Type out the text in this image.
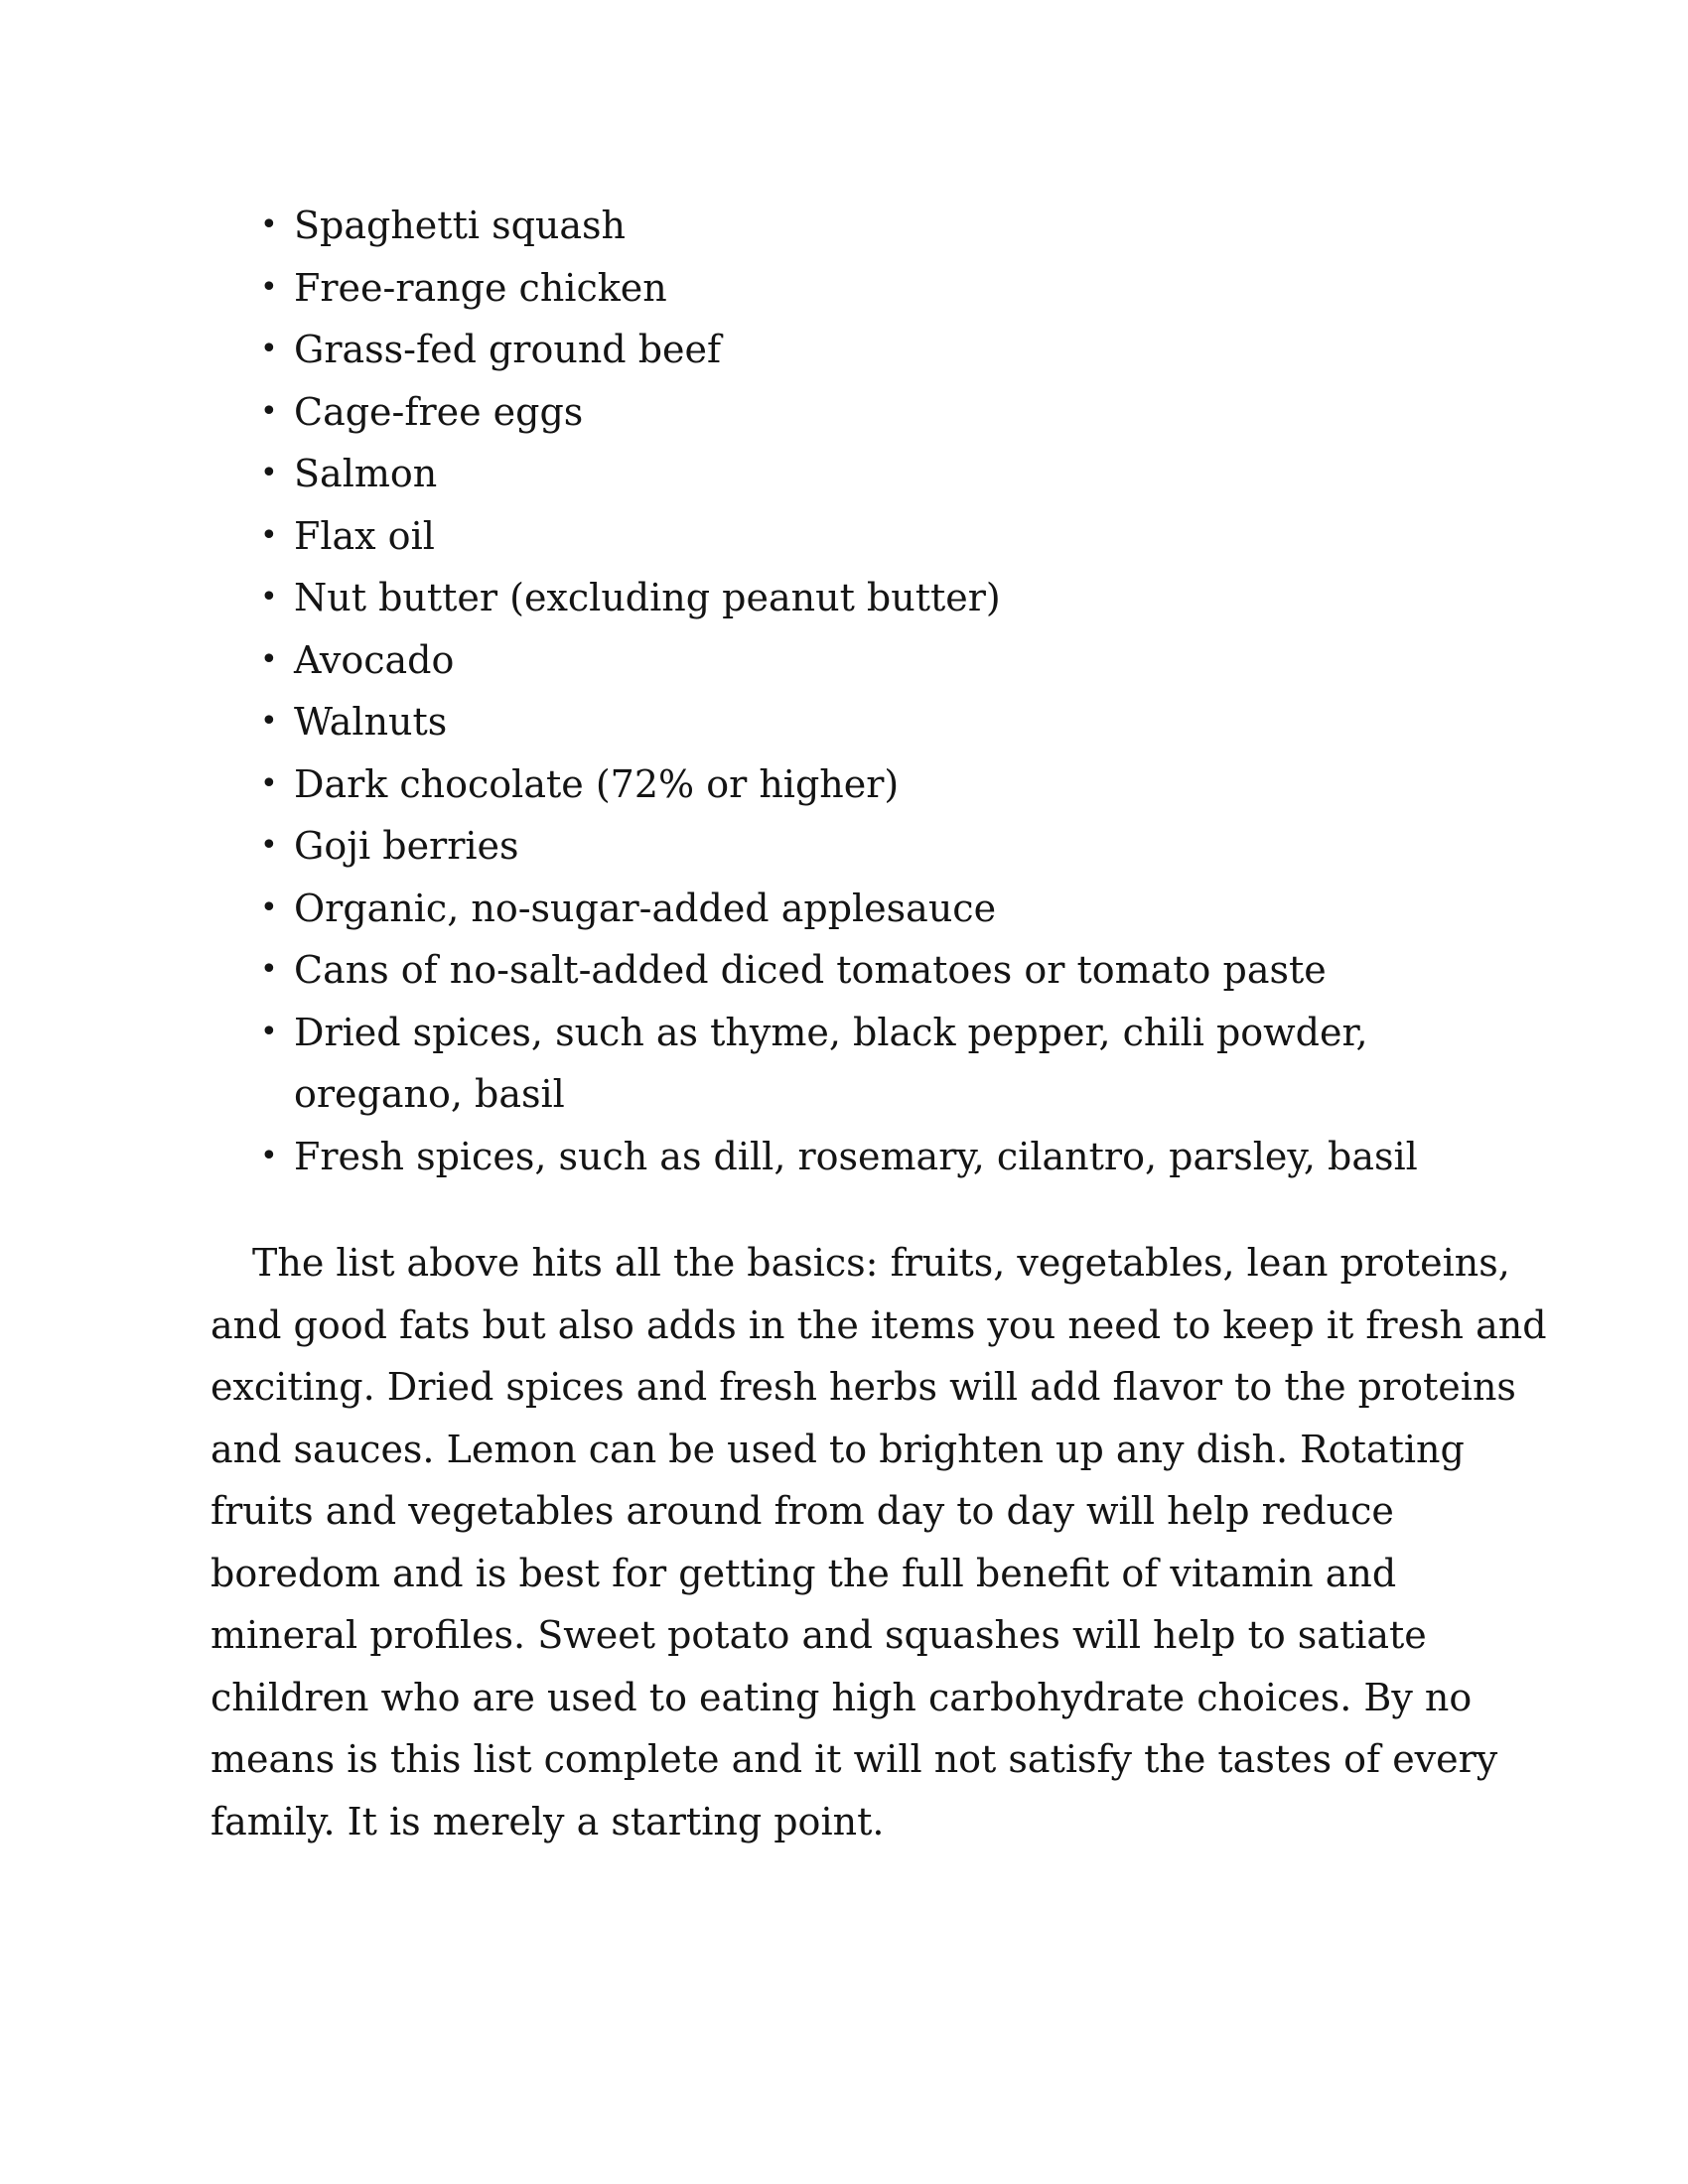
• Spaghetti squash
• Free-range chicken
• Grass-fed ground beef
• Cage-free eggs
• Salmon
• Flax oil
• Nut butter (excluding peanut butter)
• Avocado
• Walnuts
• Dark chocolate (72% or higher)
• Goji berries
• Organic, no-sugar-added applesauce
• Cans of no-salt-added diced tomatoes or tomato paste
• Dried spices, such as thyme, black pepper, chili powder,
oregano, basil
• Fresh spices, such as dill, rosemary, cilantro, parsley, basil
The list above hits all the basics: fruits, vegetables, lean proteins,
and good fats but also adds in the items you need to keep it fresh and
exciting. Dried spices and fresh herbs will add flavor to the proteins
and sauces. Lemon can be used to brighten up any dish. Rotating
fruits and vegetables around from day to day will help reduce
boredom and is best for getting the full benefit of vitamin and
mineral profiles. Sweet potato and squashes will help to satiate
children who are used to eating high carbohydrate choices. By no
means is this list complete and it will not satisfy the tastes of every
family. It is merely a starting point.
